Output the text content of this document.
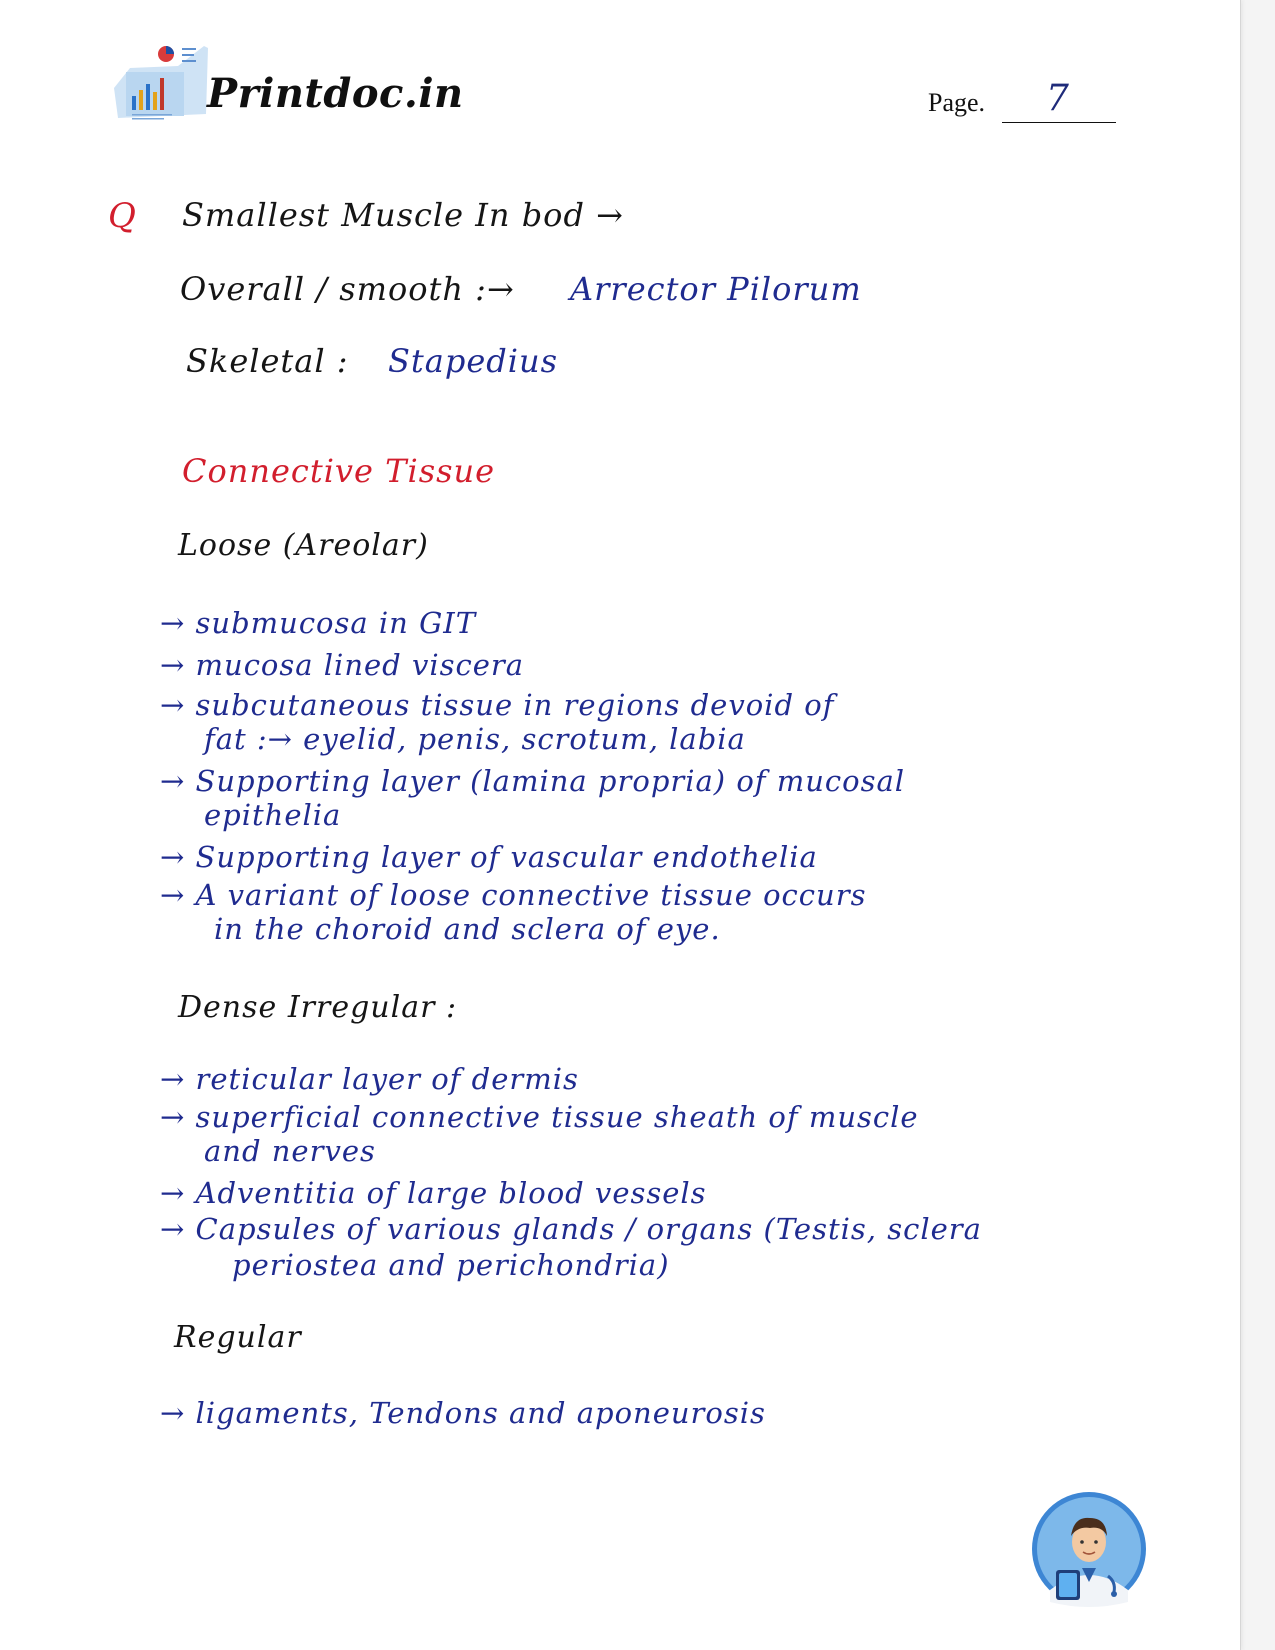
Printdoc.in	Page. 7
Q Smallest Muscle In bod →
Overall / smooth :→ Arrector Pilorum
Skeletal : Stapedius
Connective Tissue
Loose (Areolar)
→ submucosa in GIT
→ mucosa lined viscera
→ subcutaneous tissue in regions devoid of
fat :→ eyelid, penis, scrotum, labia
→ Supporting layer (lamina propria) of mucosal
epithelia
→ Supporting layer of vascular endothelia
→ A variant of loose connective tissue occurs
in the choroid and sclera of eye.
Dense Irregular :
→ reticular layer of dermis
→ superficial connective tissue sheath of muscle
and nerves
→ Adventitia of large blood vessels
→ Capsules of various glands / organs (Testis, sclera
periostea and perichondria)
Regular
→ ligaments, Tendons and aponeurosis
